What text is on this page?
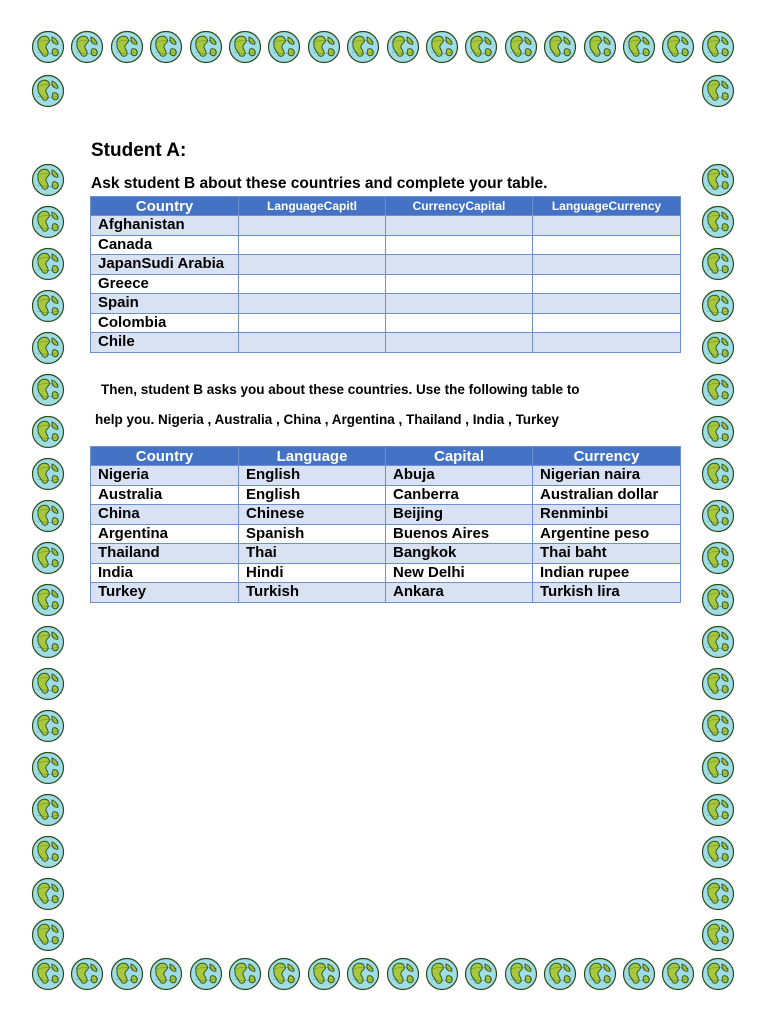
Student A:

Ask student B about these countries and complete your table.

Country	LanguageCapitl	CurrencyCapital	LanguageCurrency
Afghanistan			
Canada			
JapanSudi Arabia			
Greece			
Spain			
Colombia			
Chile			

Then, student B asks you about these countries. Use the following table to

help you. Nigeria , Australia , China , Argentina , Thailand , India , Turkey

Country	Language	Capital	Currency
Nigeria	English	Abuja	Nigerian naira
Australia	English	Canberra	Australian dollar
China	Chinese	Beijing	Renminbi
Argentina	Spanish	Buenos Aires	Argentine peso
Thailand	Thai	Bangkok	Thai baht
India	Hindi	New Delhi	Indian rupee
Turkey	Turkish	Ankara	Turkish lira
